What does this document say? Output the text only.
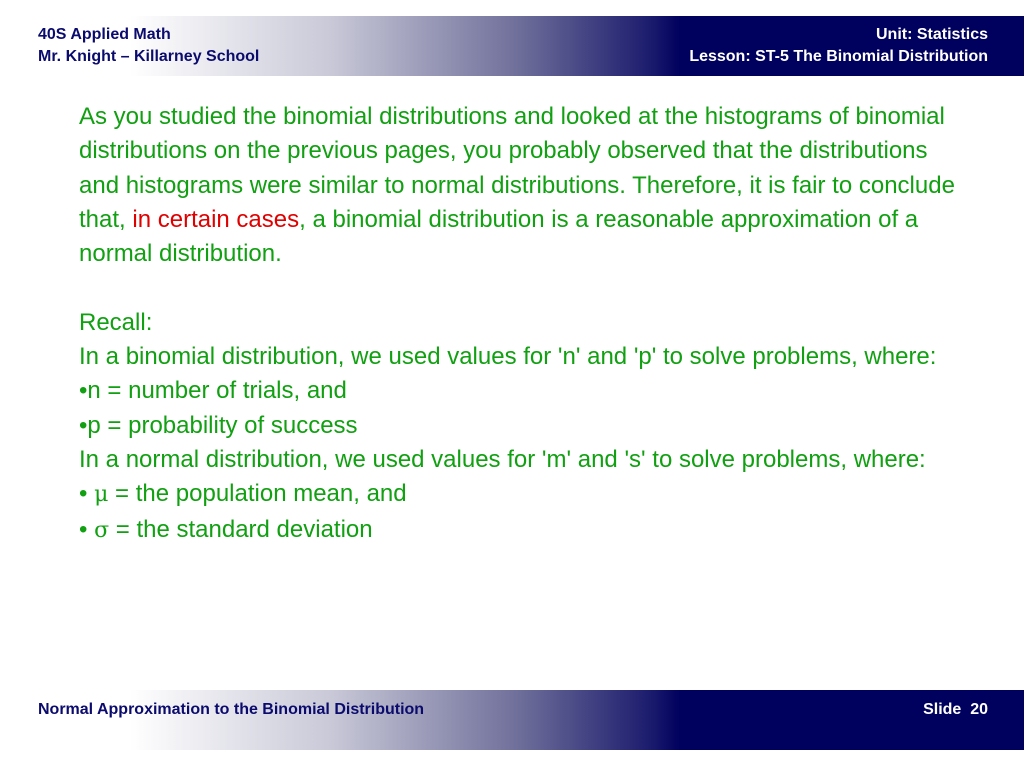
40S Applied Math
Mr. Knight – Killarney School
Unit: Statistics
Lesson: ST-5 The Binomial Distribution

As you studied the binomial distributions and looked at the histograms of binomial distributions on the previous pages, you probably observed that the distributions and histograms were similar to normal distributions. Therefore, it is fair to conclude that, in certain cases, a binomial distribution is a reasonable approximation of a normal distribution.

Recall:

In a binomial distribution, we used values for 'n' and 'p' to solve problems, where:

•n = number of trials, and

•p = probability of success

In a normal distribution, we used values for 'm' and 's' to solve problems, where:

• μ = the population mean, and

• σ = the standard deviation

Normal Approximation to the Binomial Distribution	Slide 20
